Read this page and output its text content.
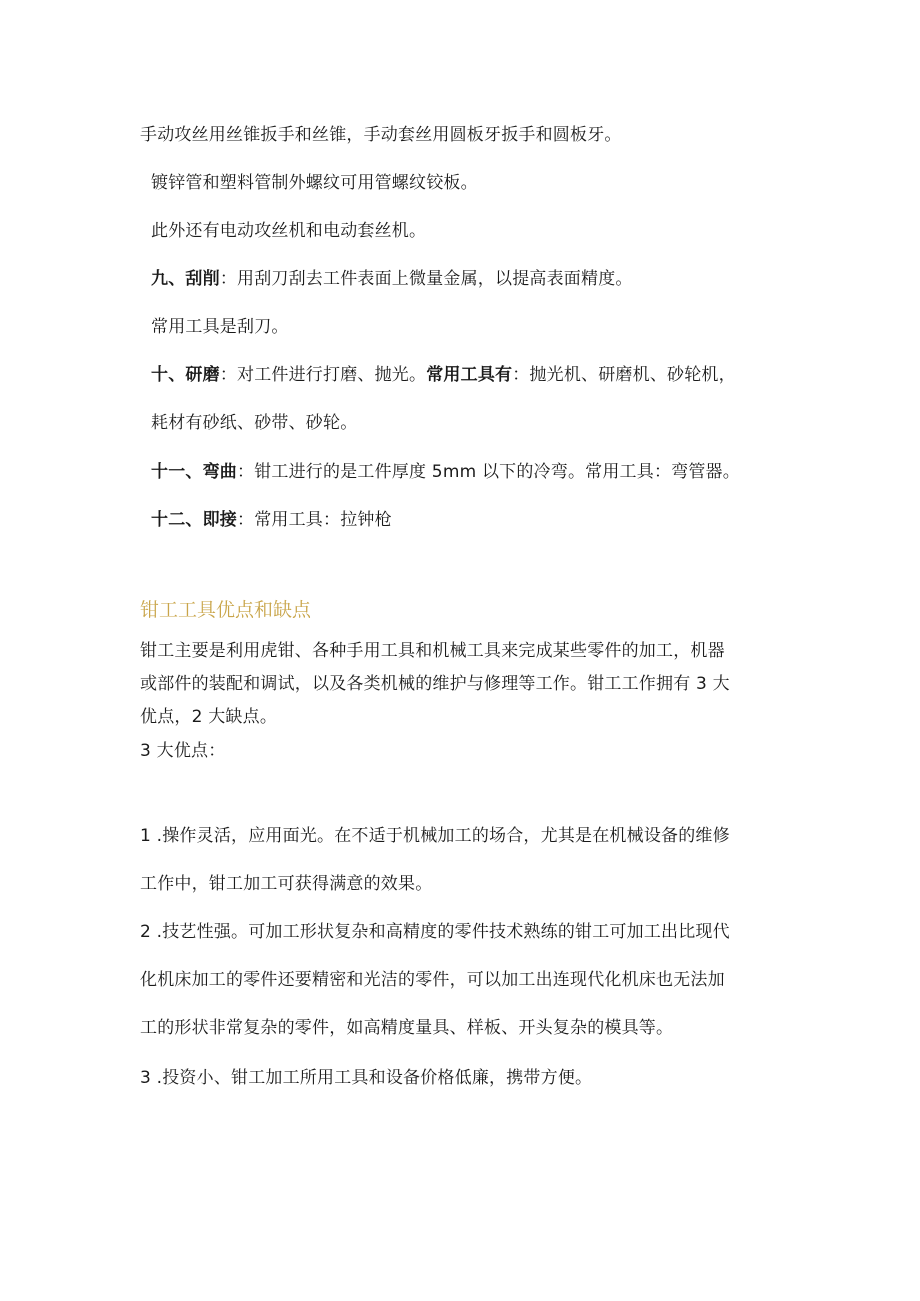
手动攻丝用丝锥扳手和丝锥，手动套丝用圆板牙扳手和圆板牙。
镀锌管和塑料管制外螺纹可用管螺纹铰板。
此外还有电动攻丝机和电动套丝机。
九、刮削：用刮刀刮去工件表面上微量金属，以提高表面精度。
常用工具是刮刀。
十、研磨：对工件进行打磨、抛光。常用工具有：抛光机、研磨机、砂轮机，
耗材有砂纸、砂带、砂轮。
十一、弯曲：钳工进行的是工件厚度 5mm 以下的冷弯。常用工具：弯管器。
十二、即接：常用工具：拉钟枪
钳工工具优点和缺点
钳工主要是利用虎钳、各种手用工具和机械工具来完成某些零件的加工，机器
或部件的装配和调试，以及各类机械的维护与修理等工作。钳工工作拥有 3 大
优点，2 大缺点。
3 大优点：
1 .操作灵活，应用面光。在不适于机械加工的场合，尤其是在机械设备的维修
工作中，钳工加工可获得满意的效果。
2 .技艺性强。可加工形状复杂和高精度的零件技术熟练的钳工可加工出比现代
化机床加工的零件还要精密和光洁的零件，可以加工出连现代化机床也无法加
工的形状非常复杂的零件，如高精度量具、样板、开头复杂的模具等。
3 .投资小、钳工加工所用工具和设备价格低廉，携带方便。
